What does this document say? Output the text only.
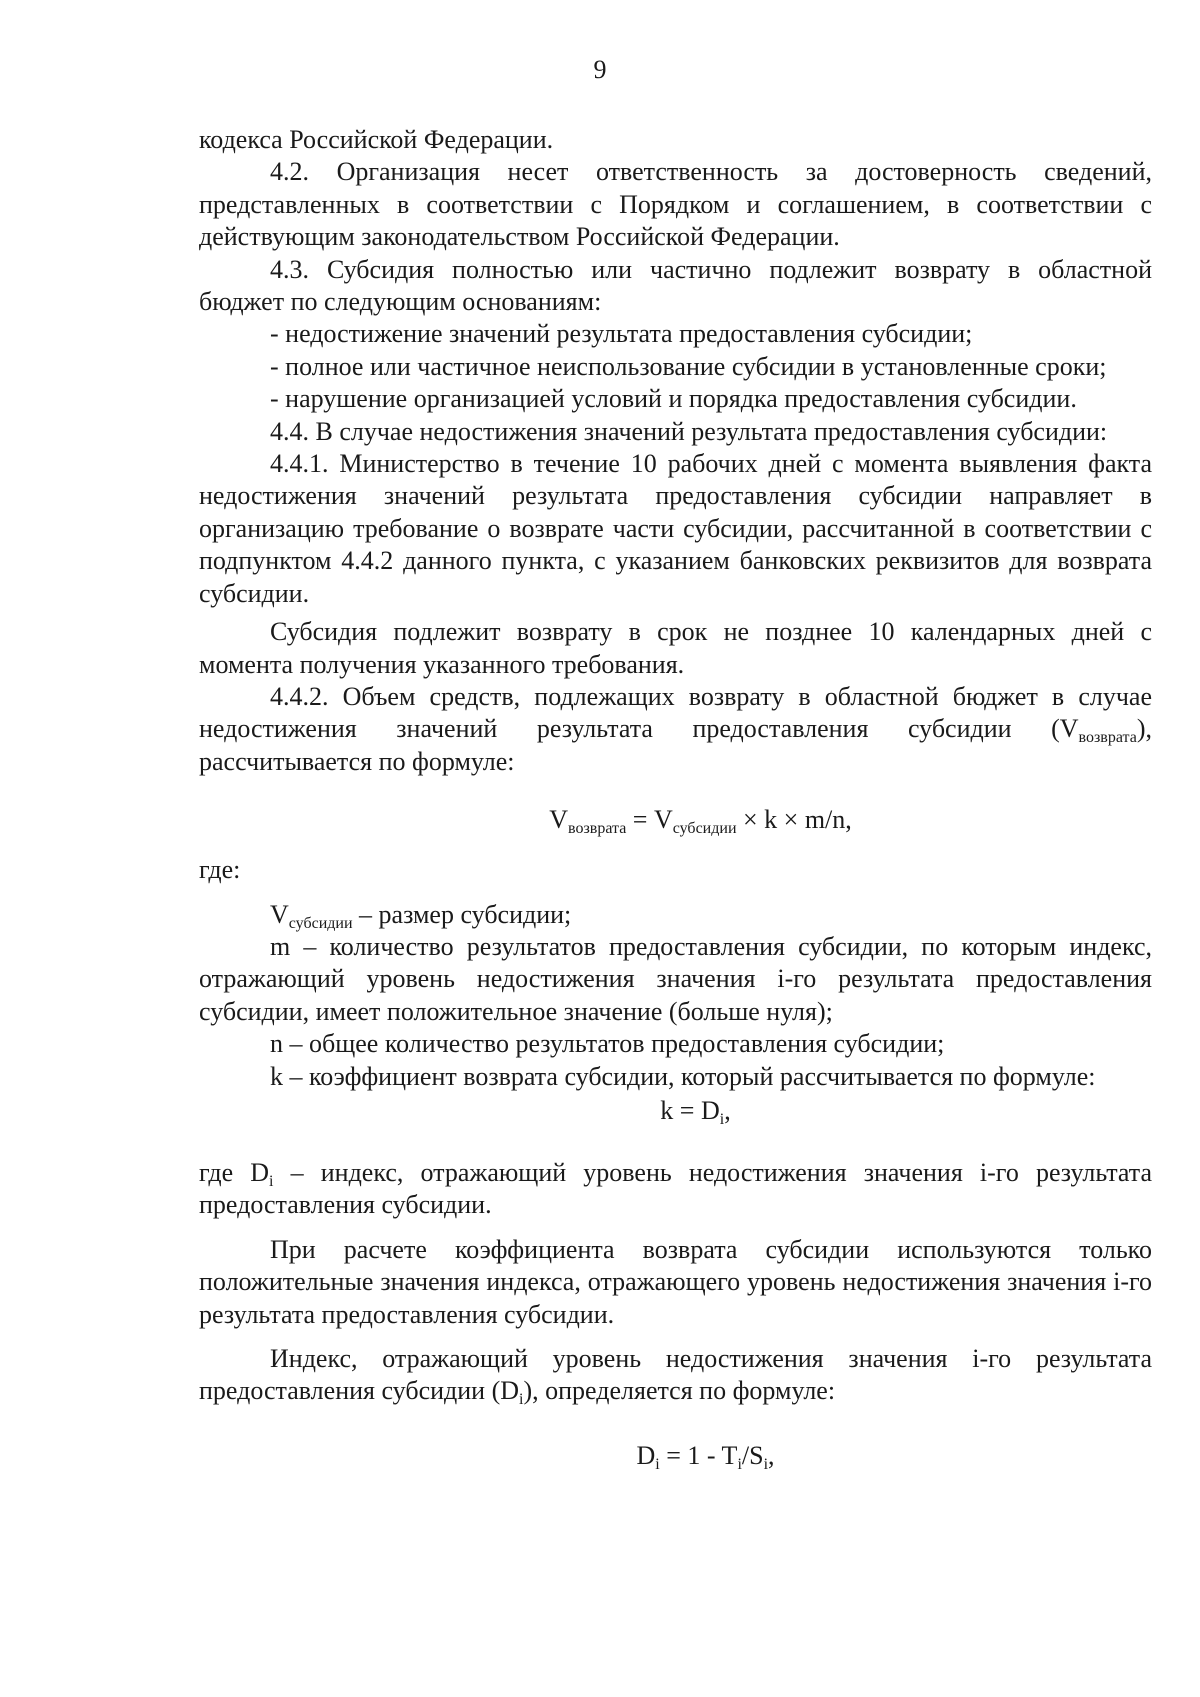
9

кодекса Российской Федерации.

4.2. Организация несет ответственность за достоверность сведений, представленных в соответствии с Порядком и соглашением, в соответствии с действующим законодательством Российской Федерации.

4.3. Субсидия полностью или частично подлежит возврату в областной бюджет по следующим основаниям:

- недостижение значений результата предоставления субсидии;

- полное или частичное неиспользование субсидии в установленные сроки;

- нарушение организацией условий и порядка предоставления субсидии.

4.4. В случае недостижения значений результата предоставления субсидии:

4.4.1. Министерство в течение 10 рабочих дней с момента выявления факта недостижения значений результата предоставления субсидии направляет в организацию требование о возврате части субсидии, рассчитанной в соответствии с подпунктом 4.4.2 данного пункта, с указанием банковских реквизитов для возврата субсидии.

Субсидия подлежит возврату в срок не позднее 10 календарных дней с момента получения указанного требования.

4.4.2. Объем средств, подлежащих возврату в областной бюджет в случае недостижения значений результата предоставления субсидии $(V_{возврата})$, рассчитывается по формуле:

$V_{возврата} = V_{субсидии} \times k \times m/n$,

где:

$V_{субсидии}$ – размер субсидии;

m – количество результатов предоставления субсидии, по которым индекс, отражающий уровень недостижения значения i-го результата предоставления субсидии, имеет положительное значение (больше нуля);

n – общее количество результатов предоставления субсидии;

k – коэффициент возврата субсидии, который рассчитывается по формуле:

$k = D_i$,

где $D_i$ – индекс, отражающий уровень недостижения значения i-го результата предоставления субсидии.

При расчете коэффициента возврата субсидии используются только положительные значения индекса, отражающего уровень недостижения значения i-го результата предоставления субсидии.

Индекс, отражающий уровень недостижения значения i-го результата предоставления субсидии $(D_i)$, определяется по формуле:

$D_i = 1 - T_i/S_i$,
